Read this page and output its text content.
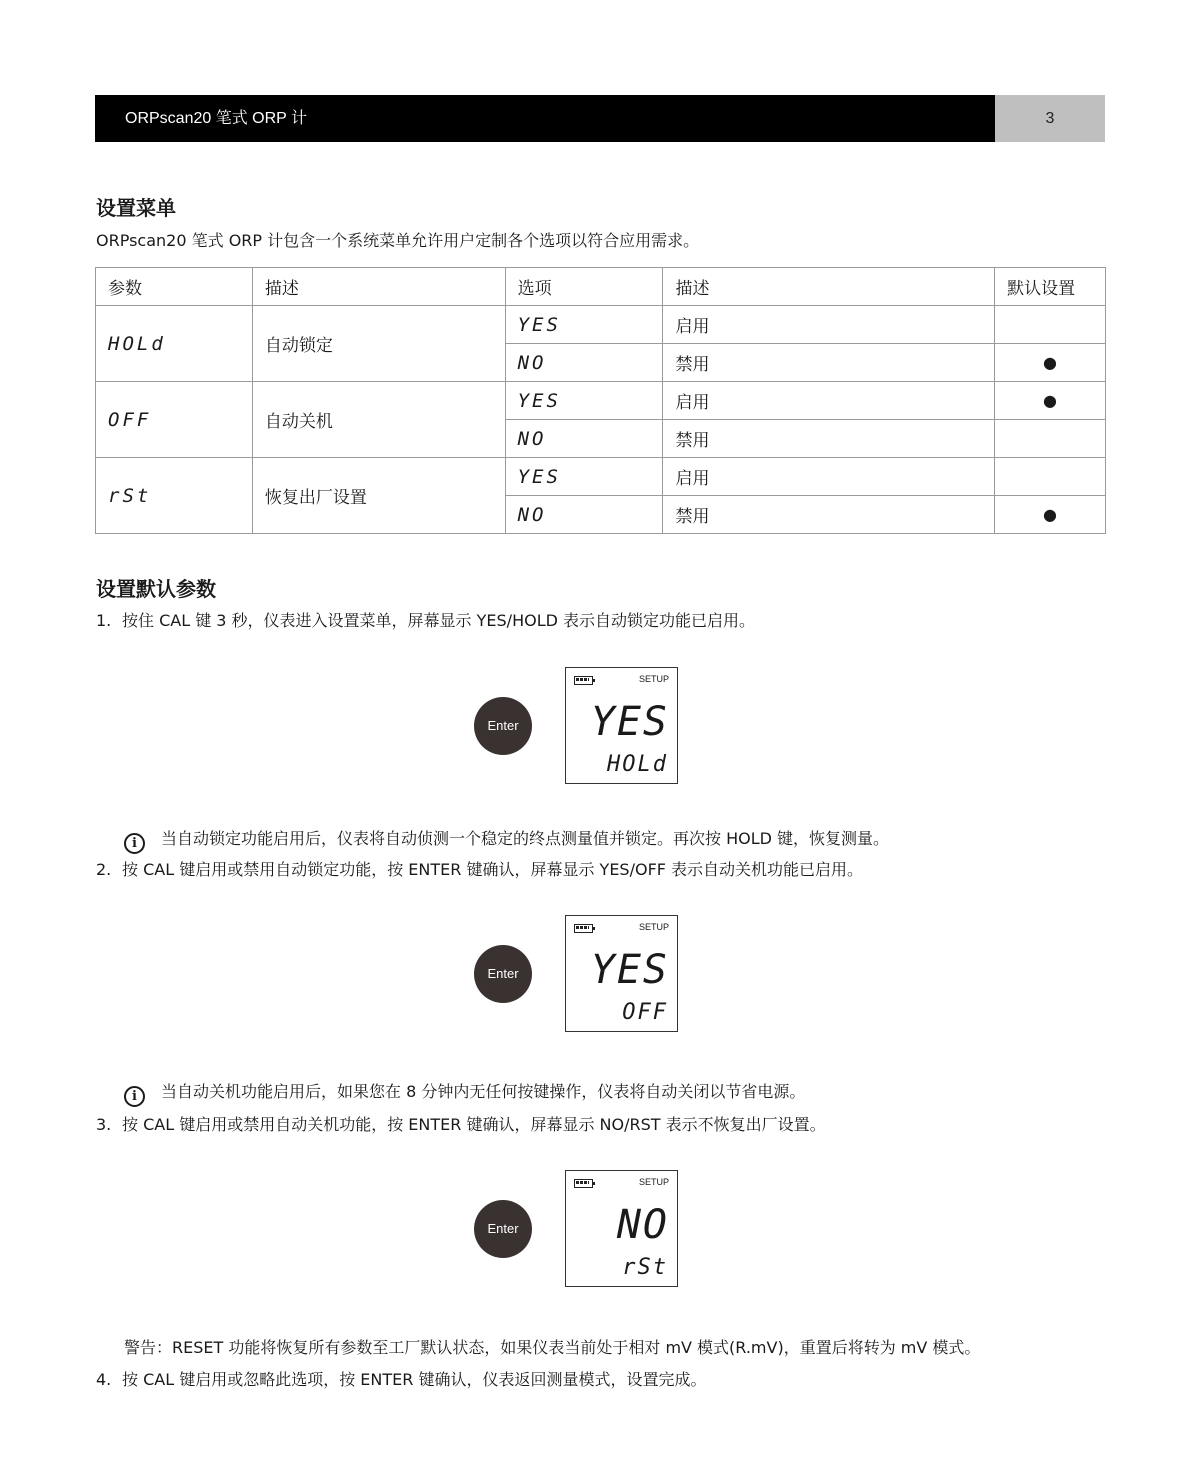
ORPscan20 笔式 ORP 计	3
设置菜单

ORPscan20 笔式 ORP 计包含一个系统菜单允许用户定制各个选项以符合应用需求。

参数	描述	选项	描述	默认设置
HOLd	自动锁定	YES	启用	
		NO	禁用	●
OFF	自动关机	YES	启用	●
		NO	禁用	
rSt	恢复出厂设置	YES	启用	
		NO	禁用	●
设置默认参数
1. 按住 CAL 键 3 秒，仪表进入设置菜单，屏幕显示 YES/HOLD 表示自动锁定功能已启用。
Enter
SETUP
YES
HOLd
i 当自动锁定功能启用后，仪表将自动侦测一个稳定的终点测量值并锁定。再次按 HOLD 键，恢复测量。
2. 按 CAL 键启用或禁用自动锁定功能，按 ENTER 键确认，屏幕显示 YES/OFF 表示自动关机功能已启用。
Enter
SETUP
YES
OFF
i 当自动关机功能启用后，如果您在 8 分钟内无任何按键操作，仪表将自动关闭以节省电源。
3. 按 CAL 键启用或禁用自动关机功能，按 ENTER 键确认，屏幕显示 NO/RST 表示不恢复出厂设置。
Enter
SETUP
NO
rSt
警告：RESET 功能将恢复所有参数至工厂默认状态，如果仪表当前处于相对 mV 模式(R.mV)，重置后将转为 mV 模式。
4. 按 CAL 键启用或忽略此选项，按 ENTER 键确认，仪表返回测量模式，设置完成。
